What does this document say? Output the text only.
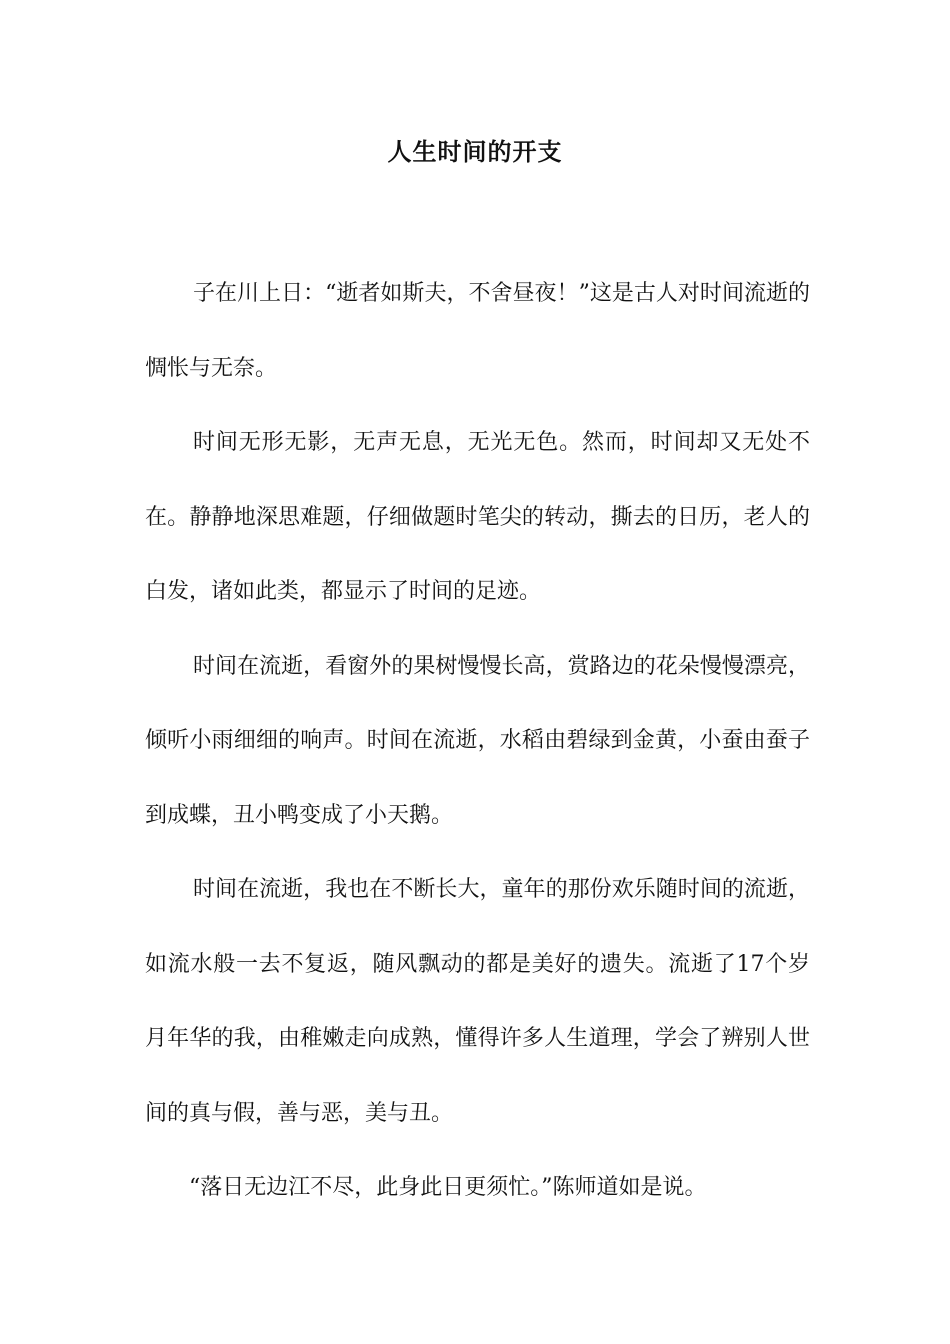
人生时间的开支

子在川上日：“逝者如斯夫，不舍昼夜！”这是古人对时间流逝的惆怅与无奈。

时间无形无影，无声无息，无光无色。然而，时间却又无处不在。静静地深思难题，仔细做题时笔尖的转动，撕去的日历，老人的白发，诸如此类，都显示了时间的足迹。

时间在流逝，看窗外的果树慢慢长高，赏路边的花朵慢慢漂亮，倾听小雨细细的响声。时间在流逝，水稻由碧绿到金黄，小蚕由蚕子到成蝶，丑小鸭变成了小天鹅。

时间在流逝，我也在不断长大，童年的那份欢乐随时间的流逝，如流水般一去不复返，随风飘动的都是美好的遗失。流逝了17个岁月年华的我，由稚嫩走向成熟，懂得许多人生道理，学会了辨别人世间的真与假，善与恶，美与丑。

“落日无边江不尽，此身此日更须忙。”陈师道如是说。
